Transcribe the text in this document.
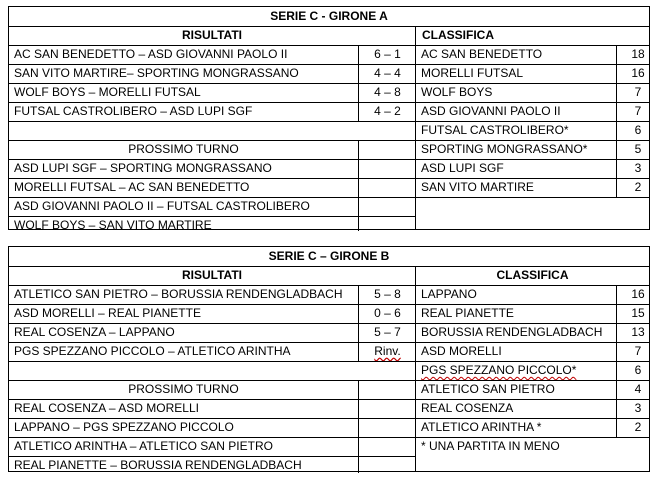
SERIE C - GIRONE A
RISULTATI	CLASSIFICA
AC SAN BENEDETTO – ASD GIOVANNI PAOLO II	6 – 1
SAN VITO MARTIRE– SPORTING MONGRASSANO	4 – 4
WOLF BOYS – MORELLI FUTSAL	4 – 8
FUTSAL CASTROLIBERO – ASD LUPI SGF	4 – 2
PROSSIMO TURNO
ASD LUPI SGF – SPORTING MONGRASSANO
MORELLI FUTSAL – AC SAN BENEDETTO
ASD GIOVANNI PAOLO II – FUTSAL CASTROLIBERO
WOLF BOYS – SAN VITO MARTIRE
AC SAN BENEDETTO	18
MORELLI FUTSAL	16
WOLF BOYS	7
ASD GIOVANNI PAOLO II	7
FUTSAL CASTROLIBERO*	6
SPORTING MONGRASSANO*	5
ASD LUPI SGF	3
SAN VITO MARTIRE	2
SERIE C – GIRONE B
RISULTATI	CLASSIFICA
ATLETICO SAN PIETRO – BORUSSIA RENDENGLADBACH	5 – 8
ASD MORELLI – REAL PIANETTE	0 – 6
REAL COSENZA – LAPPANO	5 – 7
PGS SPEZZANO PICCOLO – ATLETICO ARINTHA	Rinv.
PROSSIMO TURNO
REAL COSENZA – ASD MORELLI
LAPPANO – PGS SPEZZANO PICCOLO
ATLETICO ARINTHA – ATLETICO SAN PIETRO
REAL PIANETTE – BORUSSIA RENDENGLADBACH
LAPPANO	16
REAL PIANETTE	15
BORUSSIA RENDENGLADBACH	13
ASD MORELLI	7
PGS SPEZZANO PICCOLO*	6
ATLETICO SAN PIETRO	4
REAL COSENZA	3
ATLETICO ARINTHA *	2
* UNA PARTITA IN MENO
